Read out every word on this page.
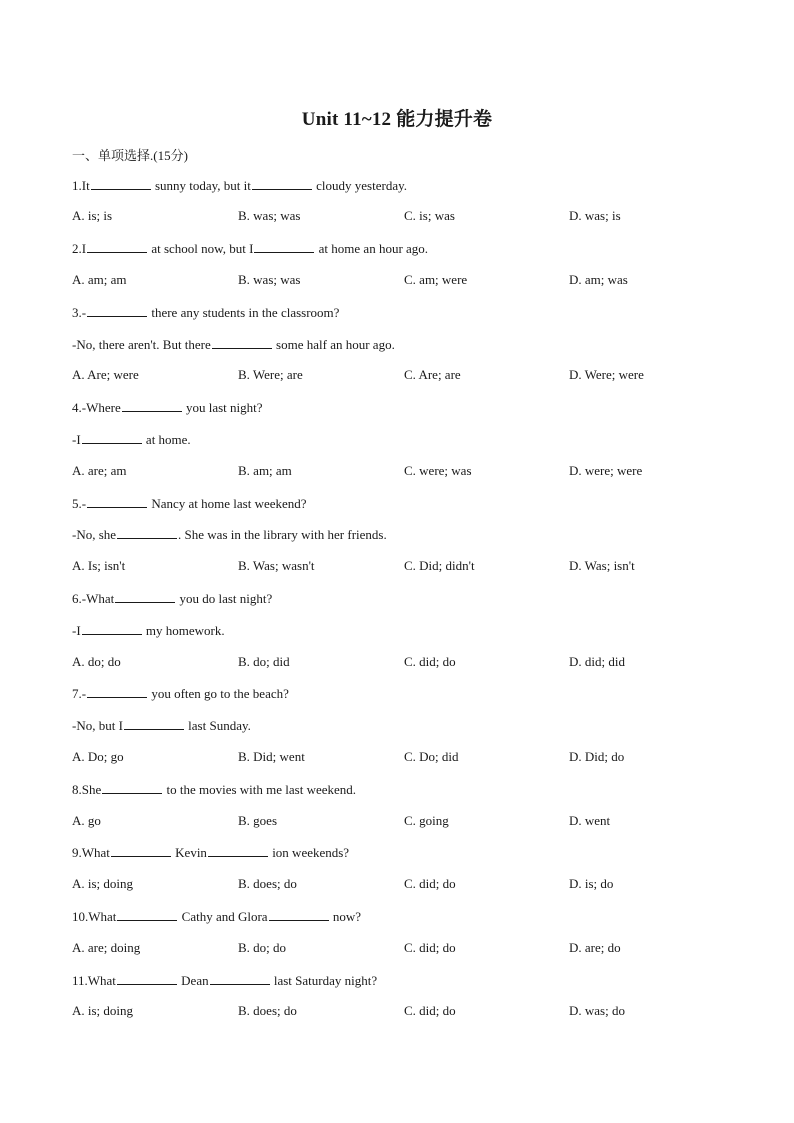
Unit 11~12 能力提升卷
一、单项选择.(15分)
1.It	sunny today, but it	cloudy yesterday.
A. is; is	B. was; was	C. is; was	D. was; is
2.I	at school now, but I	at home an hour ago.
A. am; am	B. was; was	C. am; were	D. am; was
3.-	there any students in the classroom?
-No, there aren't. But there	some half an hour ago.
A. Are; were	B. Were; are	C. Are; are	D. Were; were
4.-Where	you last night?
-I	at home.
A. are; am	B. am; am	C. were; was	D. were; were
5.-	Nancy at home last weekend?
-No, she	. She was in the library with her friends.
A. Is; isn't	B. Was; wasn't	C. Did; didn't	D. Was; isn't
6.-What	you do last night?
-I	my homework.
A. do; do	B. do; did	C. did; do	D. did; did
7.-	you often go to the beach?
-No, but I	last Sunday.
A. Do; go	B. Did; went	C. Do; did	D. Did; do
8.She	to the movies with me last weekend.
A. go	B. goes	C. going	D. went
9.What	Kevin	ion weekends?
A. is; doing	B. does; do	C. did; do	D. is; do
10.What	Cathy and Glora	now?
A. are; doing	B. do; do	C. did; do	D. are; do
11.What	Dean	last Saturday night?
A. is; doing	B. does; do	C. did; do	D. was; do
